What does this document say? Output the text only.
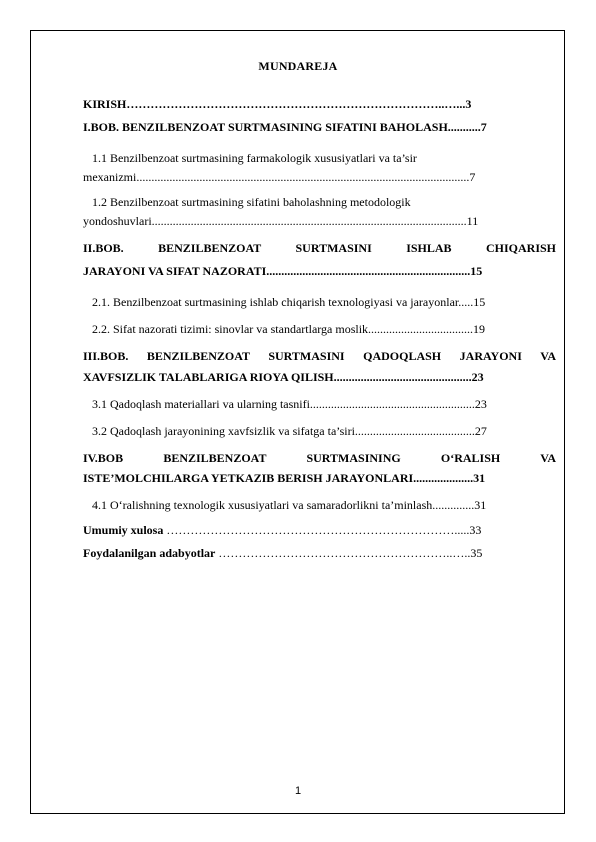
MUNDAREJA
KIRISH……………………………………………………………………..…...3
I.BOB. BENZILBENZOAT SURTMASINING SIFATINI BAHOLASH...........7
1.1 Benzilbenzoat surtmasining farmakologik xususiyatlari va ta’sir
mexanizmi...............................................................................................................7
1.2 Benzilbenzoat surtmasining sifatini baholashning metodologik
yondoshuvlari.........................................................................................................11
II.BOB. BENZILBENZOAT SURTMASINI ISHLAB CHIQARISH
JARAYONI VA SIFAT NAZORATI....................................................................15
2.1. Benzilbenzoat surtmasining ishlab chiqarish texnologiyasi va jarayonlar.....15
2.2. Sifat nazorati tizimi: sinovlar va standartlarga moslik...................................19
III.BOB. BENZILBENZOAT SURTMASINI QADOQLASH JARAYONI VA
XAVFSIZLIK TALABLARIGA RIOYA QILISH..............................................23
3.1 Qadoqlash materiallari va ularning tasnifi.......................................................23
3.2 Qadoqlash jarayonining xavfsizlik va sifatga ta’siri........................................27
IV.BOB BENZILBENZOAT SURTMASINING O‘RALISH VA
ISTE’MOLCHILARGA YETKAZIB BERISH JARAYONLARI....................31
4.1 O‘ralishning texnologik xususiyatlari va samaradorlikni ta’minlash..............31
Umumiy xulosa ……………………………………………………………….....33
Foydalanilgan adabyotlar …………………………………………………..…..35
1
